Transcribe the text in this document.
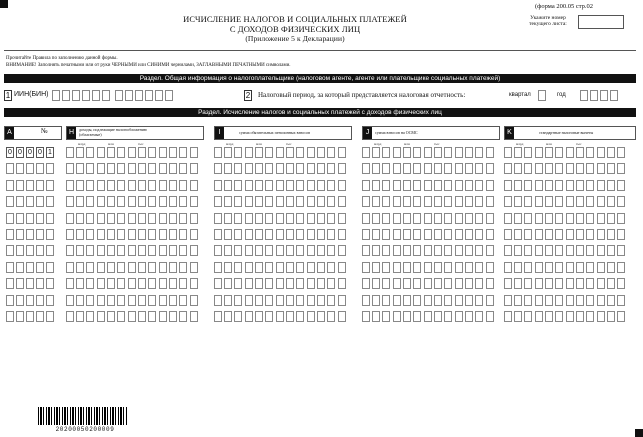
(форма 200.05 стр.02
ИСЧИСЛЕНИЕ НАЛОГОВ И СОЦИАЛЬНЫХ ПЛАТЕЖЕЙ
С ДОХОДОВ ФИЗИЧЕСКИХ ЛИЦ
(Приложение 5 к Декларации)
Укажите номер текущего листа:
Прочитайте Правила по заполнению данной формы.
ВНИМАНИЕ! Заполнять печатными или от руки ЧЕРНЫМИ или СИНИМИ чернилами, ЗАГЛАВНЫМИ ПЕЧАТНЫМИ символами.
Раздел. Общая информация о налогоплательщике (налоговом агенте, агенте или плательщике социальных платежей)
1 ИИН(БИН)	2 Налоговый период, за который представляется налоговая отчетность:	квартал	год
Раздел. Исчисление налогов и социальных платежей с доходов физических лиц
A	№	H	доходы, подлежащие налогообложению (облагаемые)	I	сумма обязательных пенсионных взносов	J	сумма взносов на ОСМС	K	стандартные налоговые вычеты
млрд	млн	тыс	млрд	млн	тыс	млрд	млн	тыс	млрд	млн	тыс
0 0 0 0 1
20200050200009
